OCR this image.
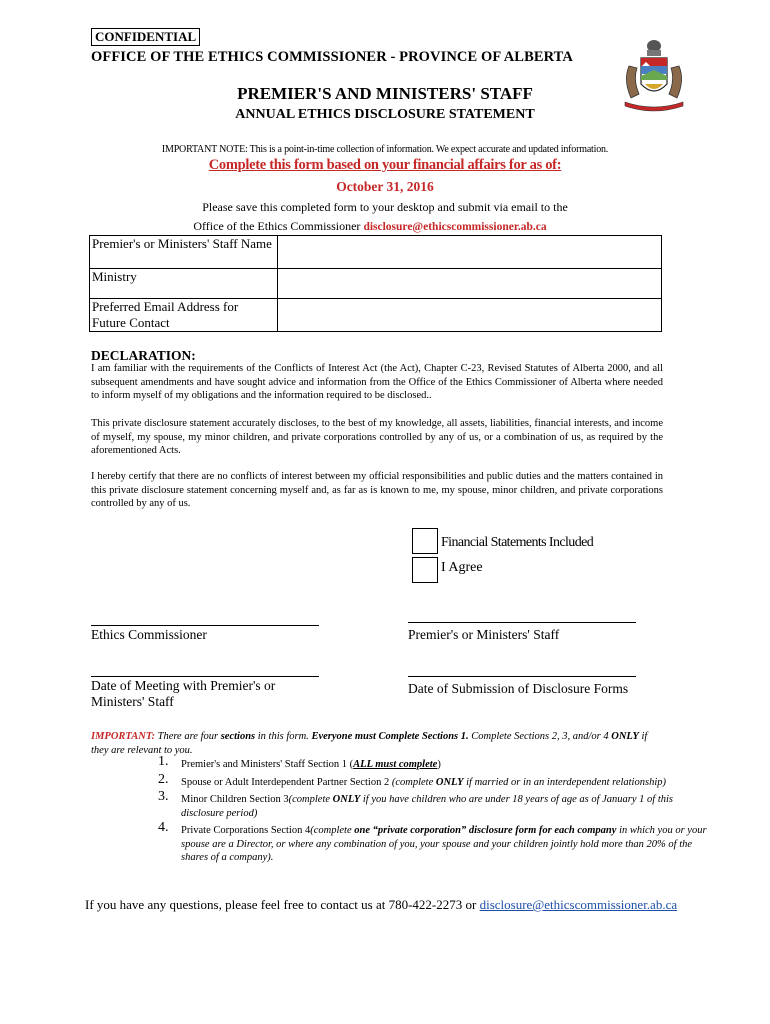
CONFIDENTIAL
OFFICE OF THE ETHICS COMMISSIONER - PROVINCE OF ALBERTA
PREMIER'S AND MINISTERS' STAFF
ANNUAL ETHICS DISCLOSURE STATEMENT
IMPORTANT NOTE: This is a point-in-time collection of information. We expect accurate and updated information.
Complete this form based on your financial affairs for as of:
October 31, 2016
Please save this completed form to your desktop and submit via email to the
Office of the Ethics Commissioner disclosure@ethicscommissioner.ab.ca
Premier's or Ministers' Staff Name	
Ministry	
Preferred Email Address for Future Contact	
DECLARATION:
I am familiar with the requirements of the Conflicts of Interest Act (the Act), Chapter C-23, Revised Statutes of Alberta 2000, and all subsequent amendments and have sought advice and information from the Office of the Ethics Commissioner of Alberta where needed to inform myself of my obligations and the information required to be disclosed..
This private disclosure statement accurately discloses, to the best of my knowledge, all assets, liabilities, financial interests, and income of myself, my spouse, my minor children, and private corporations controlled by any of us, or a combination of us, as required by the aforementioned Acts.
I hereby certify that there are no conflicts of interest between my official responsibilities and public duties and the matters contained in this private disclosure statement concerning myself and, as far as is known to me, my spouse, minor children, and private corporations controlled by any of us.
Financial Statements Included
I Agree
Ethics Commissioner	Premier's or Ministers' Staff
Date of Meeting with Premier's or Ministers' Staff
Date of Submission of Disclosure Forms
IMPORTANT: There are four sections in this form. Everyone must Complete Sections 1. Complete Sections 2, 3, and/or 4 ONLY if they are relevant to you.
1. Premier's and Ministers' Staff Section 1 (ALL must complete)
2. Spouse or Adult Interdependent Partner Section 2 (complete ONLY if married or in an interdependent relationship)
3. Minor Children Section 3(complete ONLY if you have children who are under 18 years of age as of January 1 of this disclosure period)
4. Private Corporations Section 4(complete one “private corporation” disclosure form for each company in which you or your spouse are a Director, or where any combination of you, your spouse and your children jointly hold more than 20% of the shares of a company).
If you have any questions, please feel free to contact us at 780-422-2273 or disclosure@ethicscommissioner.ab.ca
